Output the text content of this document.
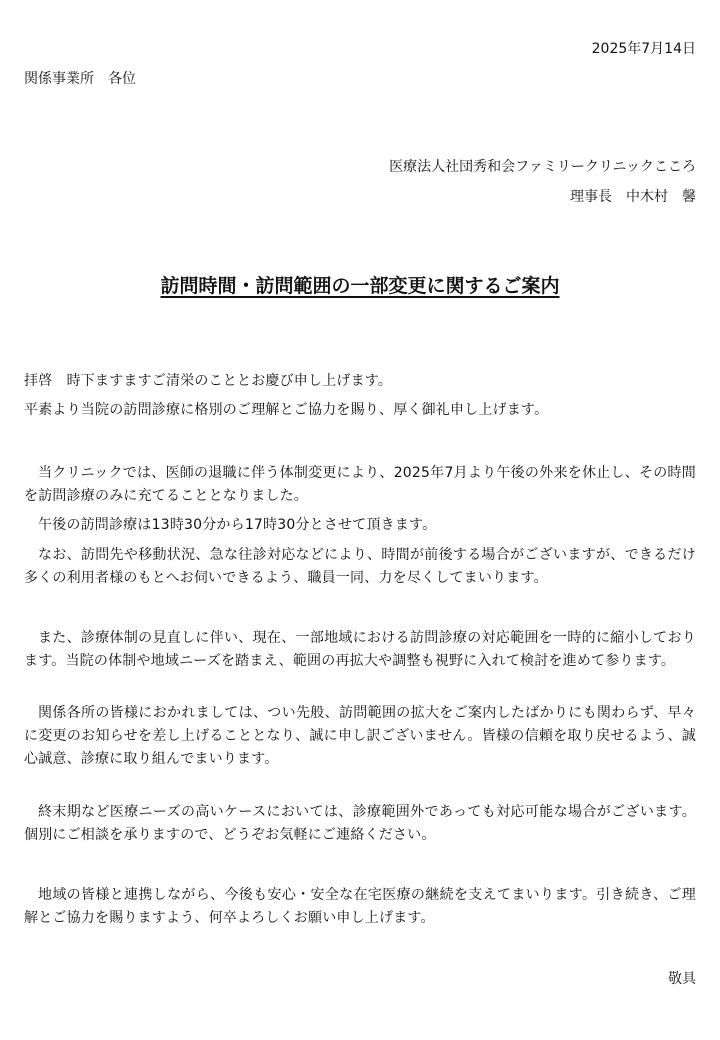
2025年7月14日

関係事業所　各位

医療法人社団秀和会ファミリークリニックこころ

理事長　中木村　馨

訪問時間・訪問範囲の一部変更に関するご案内

拝啓　時下ますますご清栄のこととお慶び申し上げます。

平素より当院の訪問診療に格別のご理解とご協力を賜り、厚く御礼申し上げます。

当クリニックでは、医師の退職に伴う体制変更により、2025年7月より午後の外来を休止し、その時間を訪問診療のみに充てることとなりました。

午後の訪問診療は13時30分から17時30分とさせて頂きます。

なお、訪問先や移動状況、急な往診対応などにより、時間が前後する場合がございますが、できるだけ多くの利用者様のもとへお伺いできるよう、職員一同、力を尽くしてまいります。

また、診療体制の見直しに伴い、現在、一部地域における訪問診療の対応範囲を一時的に縮小しております。当院の体制や地域ニーズを踏まえ、範囲の再拡大や調整も視野に入れて検討を進めて参ります。

関係各所の皆様におかれましては、つい先般、訪問範囲の拡大をご案内したばかりにも関わらず、早々に変更のお知らせを差し上げることとなり、誠に申し訳ございません。皆様の信頼を取り戻せるよう、誠心誠意、診療に取り組んでまいります。

終末期など医療ニーズの高いケースにおいては、診療範囲外であっても対応可能な場合がございます。個別にご相談を承りますので、どうぞお気軽にご連絡ください。

地域の皆様と連携しながら、今後も安心・安全な在宅医療の継続を支えてまいります。引き続き、ご理解とご協力を賜りますよう、何卒よろしくお願い申し上げます。

敬具
